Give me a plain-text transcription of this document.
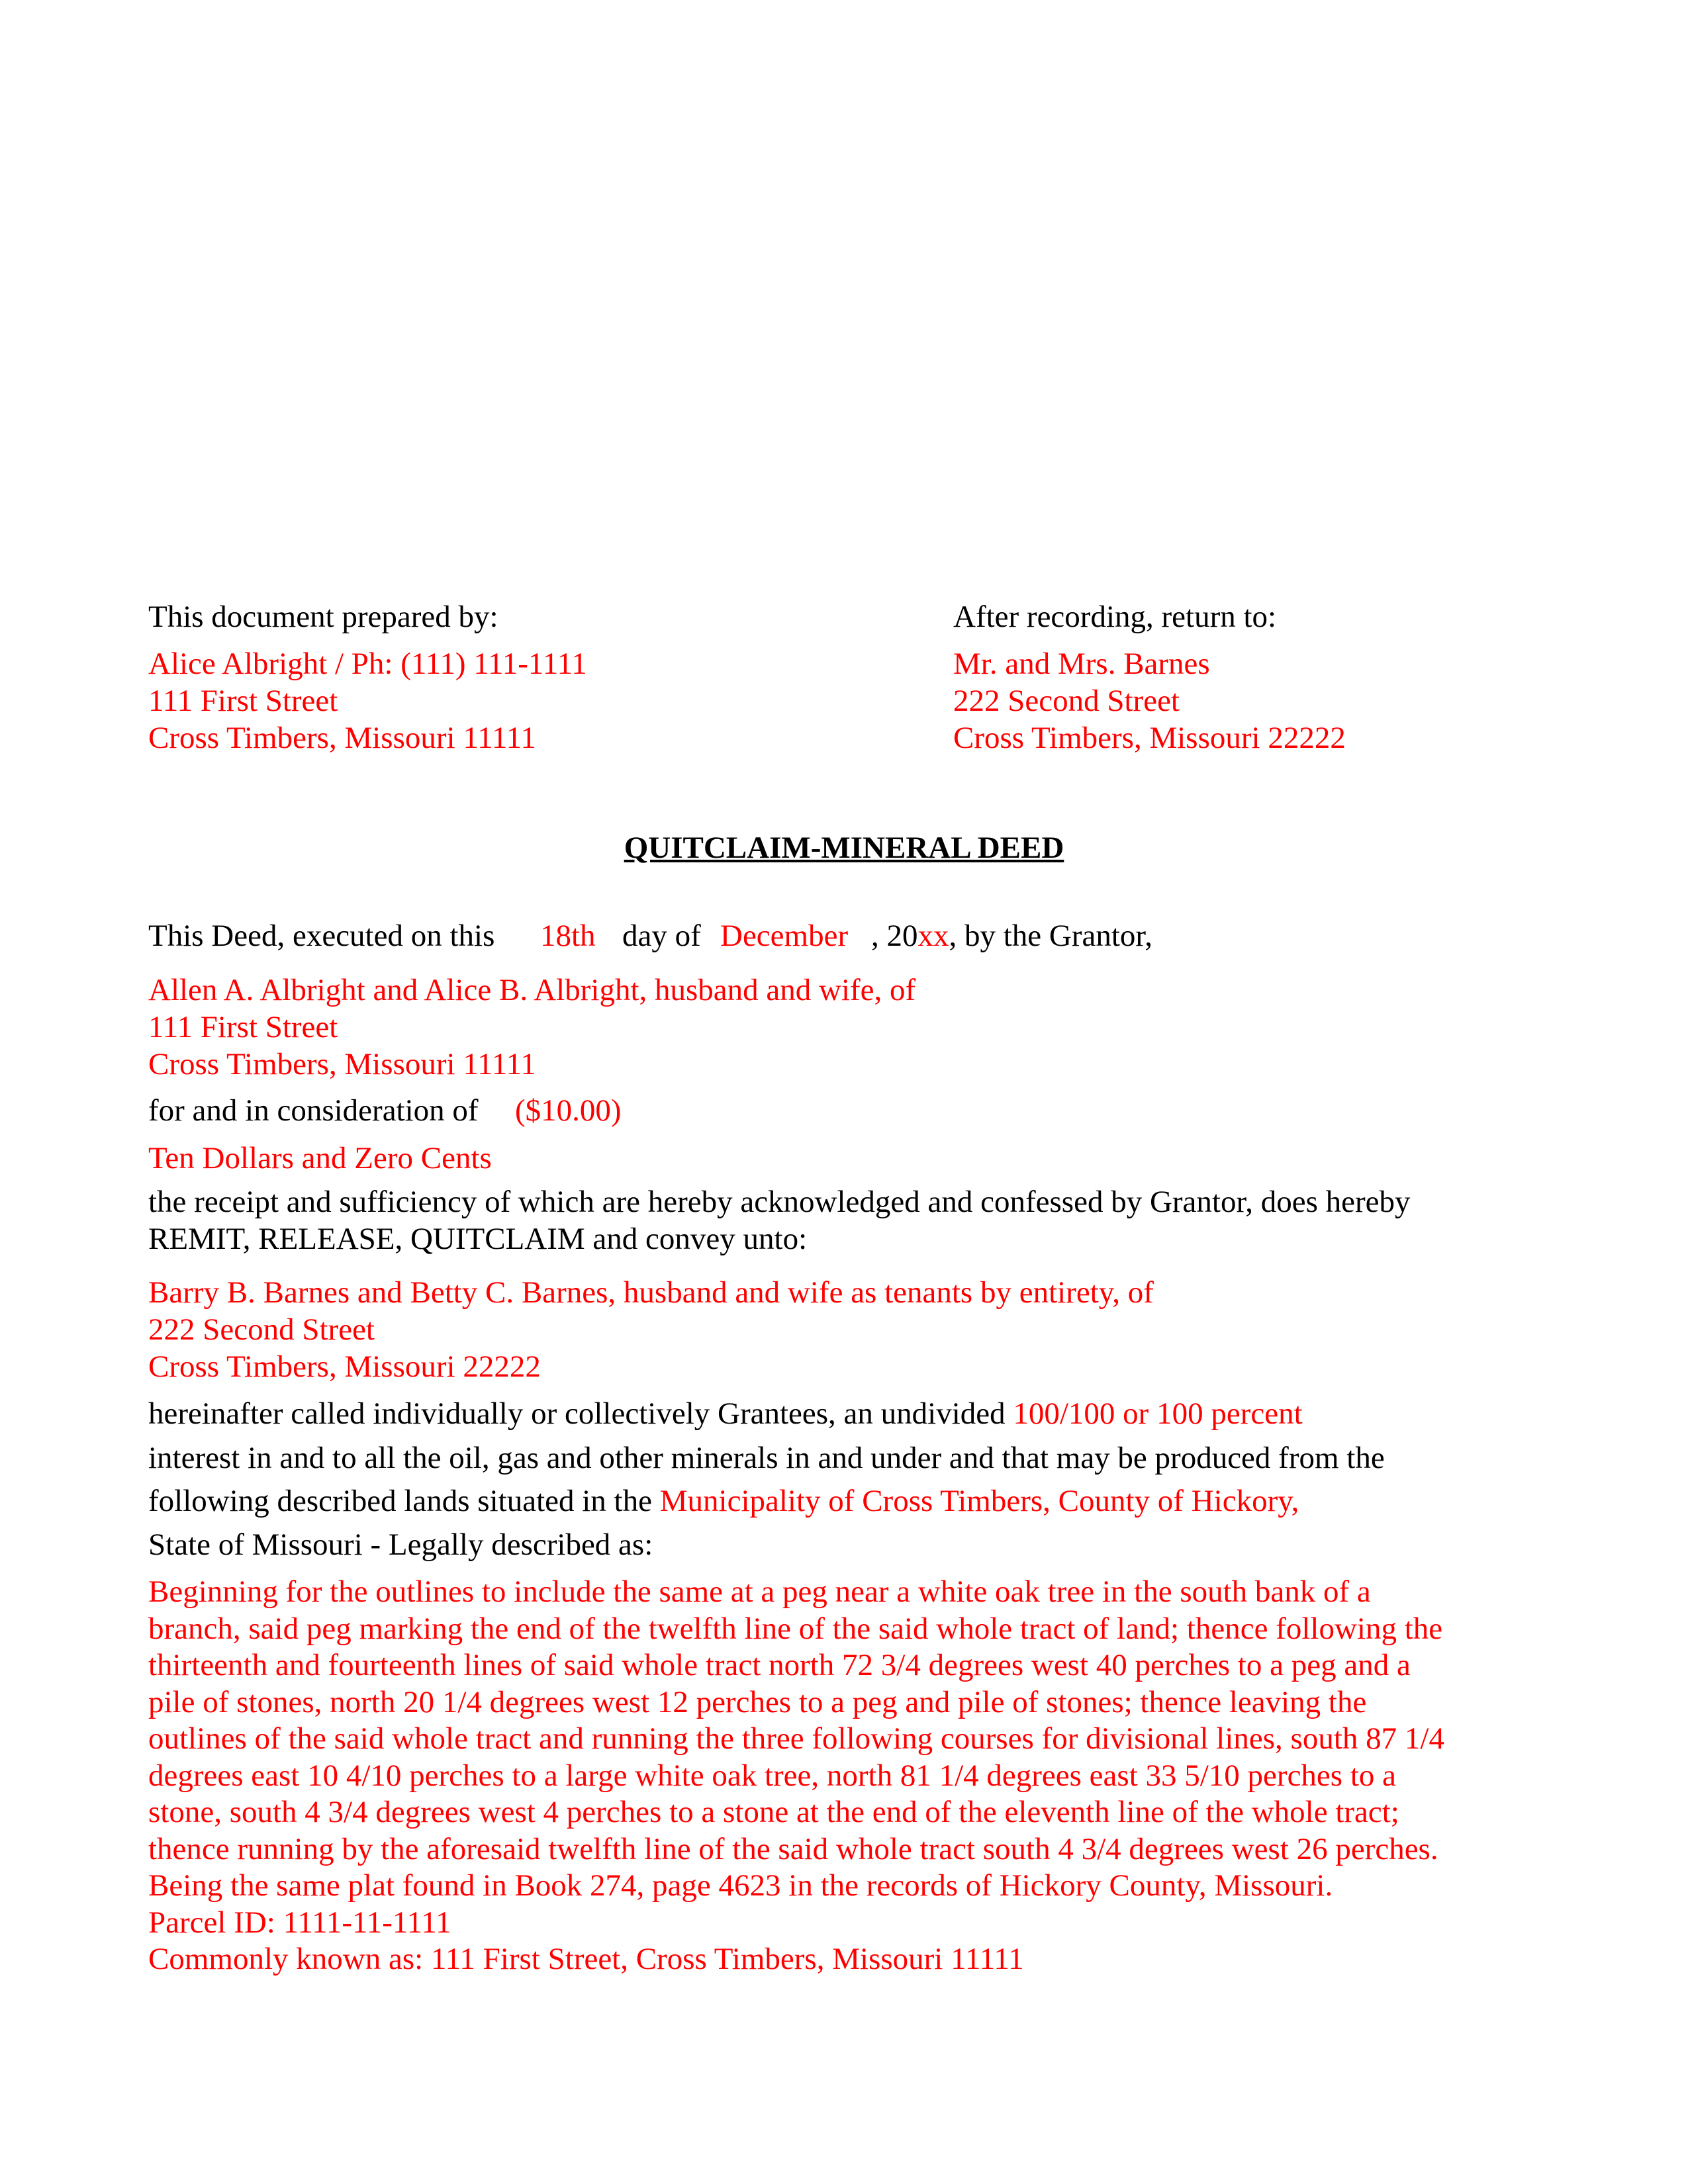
This document prepared by:
Alice Albright / Ph: (111) 111-1111
111 First Street
Cross Timbers, Missouri 11111
After recording, return to:
Mr. and Mrs. Barnes
222 Second Street
Cross Timbers, Missouri 22222
QUITCLAIM-MINERAL DEED
This Deed, executed on this 18th day of December , 20xx, by the Grantor,
Allen A. Albright and Alice B. Albright, husband and wife, of
111 First Street
Cross Timbers, Missouri 11111
for and in consideration of ($10.00)
Ten Dollars and Zero Cents
the receipt and sufficiency of which are hereby acknowledged and confessed by Grantor, does hereby
REMIT, RELEASE, QUITCLAIM and convey unto:
Barry B. Barnes and Betty C. Barnes, husband and wife as tenants by entirety, of
222 Second Street
Cross Timbers, Missouri 22222
hereinafter called individually or collectively Grantees, an undivided 100/100 or 100 percent
interest in and to all the oil, gas and other minerals in and under and that may be produced from the
following described lands situated in the Municipality of Cross Timbers, County of Hickory,
State of Missouri - Legally described as:
Beginning for the outlines to include the same at a peg near a white oak tree in the south bank of a
branch, said peg marking the end of the twelfth line of the said whole tract of land; thence following the
thirteenth and fourteenth lines of said whole tract north 72 3/4 degrees west 40 perches to a peg and a
pile of stones, north 20 1/4 degrees west 12 perches to a peg and pile of stones; thence leaving the
outlines of the said whole tract and running the three following courses for divisional lines, south 87 1/4
degrees east 10 4/10 perches to a large white oak tree, north 81 1/4 degrees east 33 5/10 perches to a
stone, south 4 3/4 degrees west 4 perches to a stone at the end of the eleventh line of the whole tract;
thence running by the aforesaid twelfth line of the said whole tract south 4 3/4 degrees west 26 perches.
Being the same plat found in Book 274, page 4623 in the records of Hickory County, Missouri.
Parcel ID: 1111-11-1111
Commonly known as: 111 First Street, Cross Timbers, Missouri 11111
